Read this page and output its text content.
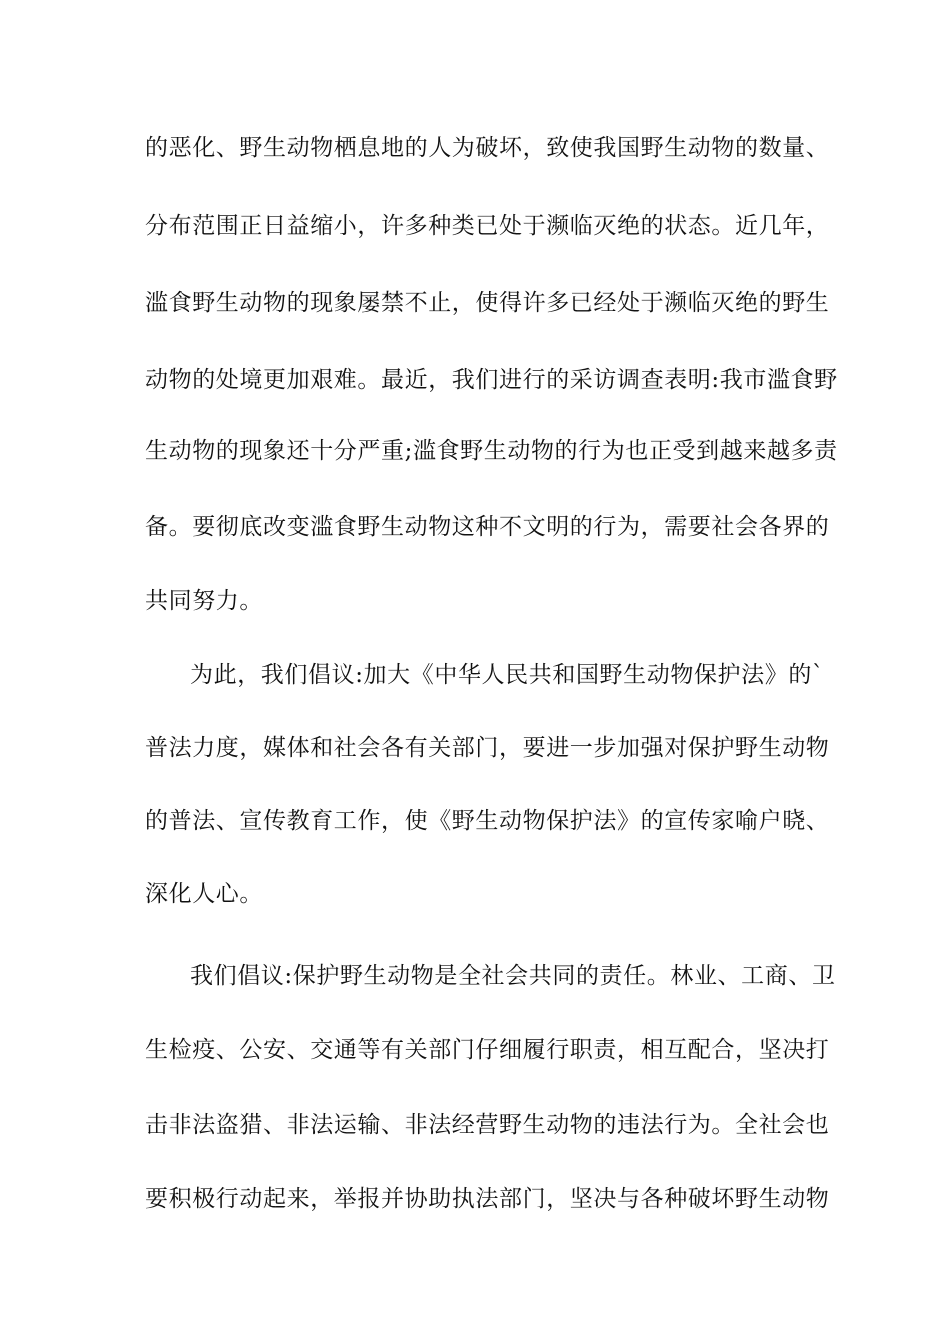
的恶化、野生动物栖息地的人为破坏，致使我国野生动物的数量、

分布范围正日益缩小，许多种类已处于濒临灭绝的状态。近几年，

滥食野生动物的现象屡禁不止，使得许多已经处于濒临灭绝的野生

动物的处境更加艰难。最近，我们进行的采访调查表明:我市滥食野

生动物的现象还十分严重;滥食野生动物的行为也正受到越来越多责

备。要彻底改变滥食野生动物这种不文明的行为，需要社会各界的

共同努力。

为此，我们倡议:加大《中华人民共和国野生动物保护法》的`

普法力度，媒体和社会各有关部门，要进一步加强对保护野生动物

的普法、宣传教育工作，使《野生动物保护法》的宣传家喻户晓、

深化人心。

我们倡议:保护野生动物是全社会共同的责任。林业、工商、卫

生检疫、公安、交通等有关部门仔细履行职责，相互配合，坚决打

击非法盗猎、非法运输、非法经营野生动物的违法行为。全社会也

要积极行动起来，举报并协助执法部门，坚决与各种破坏野生动物
